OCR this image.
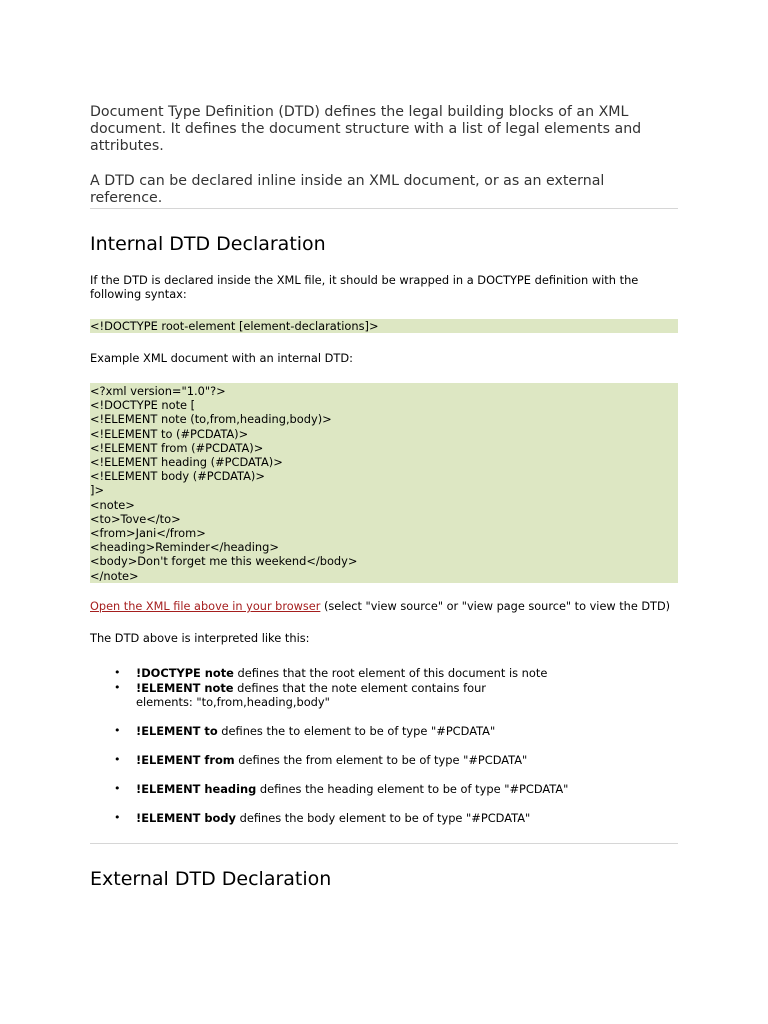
Document Type Definition (DTD) defines the legal building blocks of an XML document. It defines the document structure with a list of legal elements and attributes.

A DTD can be declared inline inside an XML document, or as an external reference.

Internal DTD Declaration

If the DTD is declared inside the XML file, it should be wrapped in a DOCTYPE definition with the following syntax:

<!DOCTYPE root-element [element-declarations]>

Example XML document with an internal DTD:

<?xml version="1.0"?>
<!DOCTYPE note [
<!ELEMENT note (to,from,heading,body)>
<!ELEMENT to (#PCDATA)>
<!ELEMENT from (#PCDATA)>
<!ELEMENT heading (#PCDATA)>
<!ELEMENT body (#PCDATA)>
]>
<note>
<to>Tove</to>
<from>Jani</from>
<heading>Reminder</heading>
<body>Don't forget me this weekend</body>
</note>

Open the XML file above in your browser (select "view source" or "view page source" to view the DTD)

The DTD above is interpreted like this:

• !DOCTYPE note defines that the root element of this document is note
• !ELEMENT note defines that the note element contains four elements: "to,from,heading,body"
• !ELEMENT to defines the to element to be of type "#PCDATA"
• !ELEMENT from defines the from element to be of type "#PCDATA"
• !ELEMENT heading defines the heading element to be of type "#PCDATA"
• !ELEMENT body defines the body element to be of type "#PCDATA"
External DTD Declaration
